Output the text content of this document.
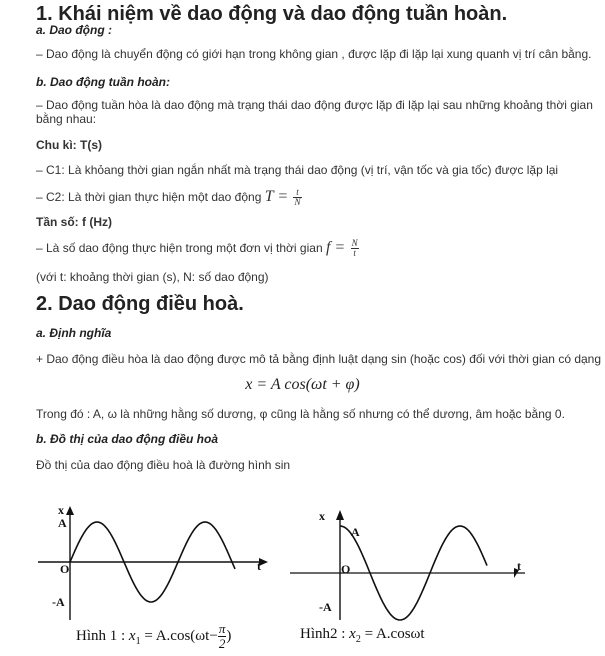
1. Khái niệm về dao động và dao động tuần hoàn.
a. Dao động :
– Dao động là chuyển động có giới hạn trong không gian , được lặp đi lặp lại xung quanh vị trí cân bằng.
b. Dao động tuần hoàn:
– Dao động tuần hòa là dao động mà trạng thái dao động được lặp đi lặp lại sau những khoảng thời gian bằng nhau:
Chu kì: T(s)
– C1: Là khỏang thời gian ngắn nhất mà trạng thái dao động (vị trí, vận tốc và gia tốc) được lặp lại
– C2: Là thời gian thực hiện một dao động $T = \frac{t}{N}$
Tần số: f (Hz)
– Là số dao động thực hiện trong một đơn vị thời gian $f = \frac{N}{t}$
(với t: khoảng thời gian (s), N: số dao động)
2. Dao động điều hoà.
a. Định nghĩa
+ Dao động điều hòa là dao động được mô tả bằng định luật dạng sin (hoặc cos) đối với thời gian có dạng
x = A cos(ωt + φ)
Trong đó : A, ω là những hằng số dương, φ cũng là hằng số nhưng có thể dương, âm hoặc bằng 0.
b. Đồ thị của dao động điều hoà
Đồ thị của dao động điều hoà là đường hình sin
x
A
O
-A
t
Hình 1 : $x_1 = A.\cos(\omega t- \frac{\pi}{2}$ )
x
A
O
-A
t
Hình2 : $x_2 = A.\cos\omega t$
